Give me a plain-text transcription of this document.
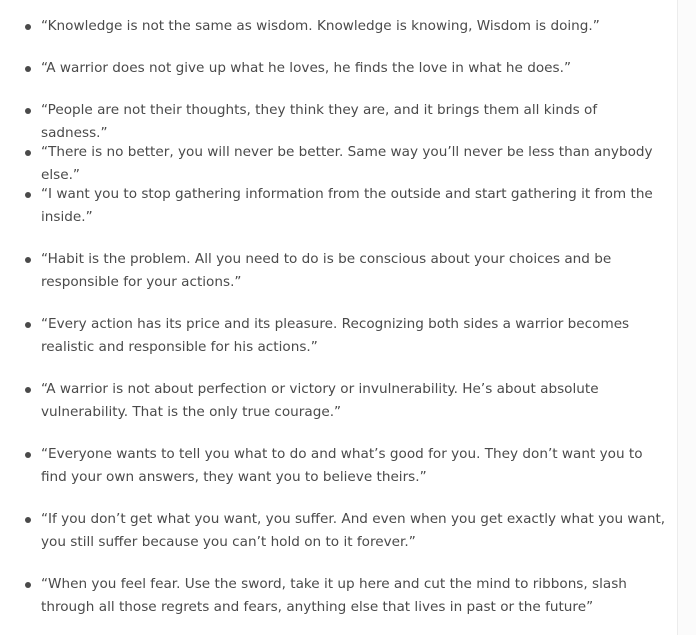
“Knowledge is not the same as wisdom. Knowledge is knowing, Wisdom is doing.”
“A warrior does not give up what he loves, he finds the love in what he does.”
“People are not their thoughts, they think they are, and it brings them all kinds of sadness.”
“There is no better, you will never be better. Same way you’ll never be less than anybody else.”
“I want you to stop gathering information from the outside and start gathering it from the inside.”
“Habit is the problem. All you need to do is be conscious about your choices and be responsible for your actions.”
“Every action has its price and its pleasure. Recognizing both sides a warrior becomes realistic and responsible for his actions.”
“A warrior is not about perfection or victory or invulnerability. He’s about absolute vulnerability. That is the only true courage.”
“Everyone wants to tell you what to do and what’s good for you. They don’t want you to find your own answers, they want you to believe theirs.”
“If you don’t get what you want, you suffer. And even when you get exactly what you want, you still suffer because you can’t hold on to it forever.”
“When you feel fear. Use the sword, take it up here and cut the mind to ribbons, slash through all those regrets and fears, anything else that lives in past or the future”
